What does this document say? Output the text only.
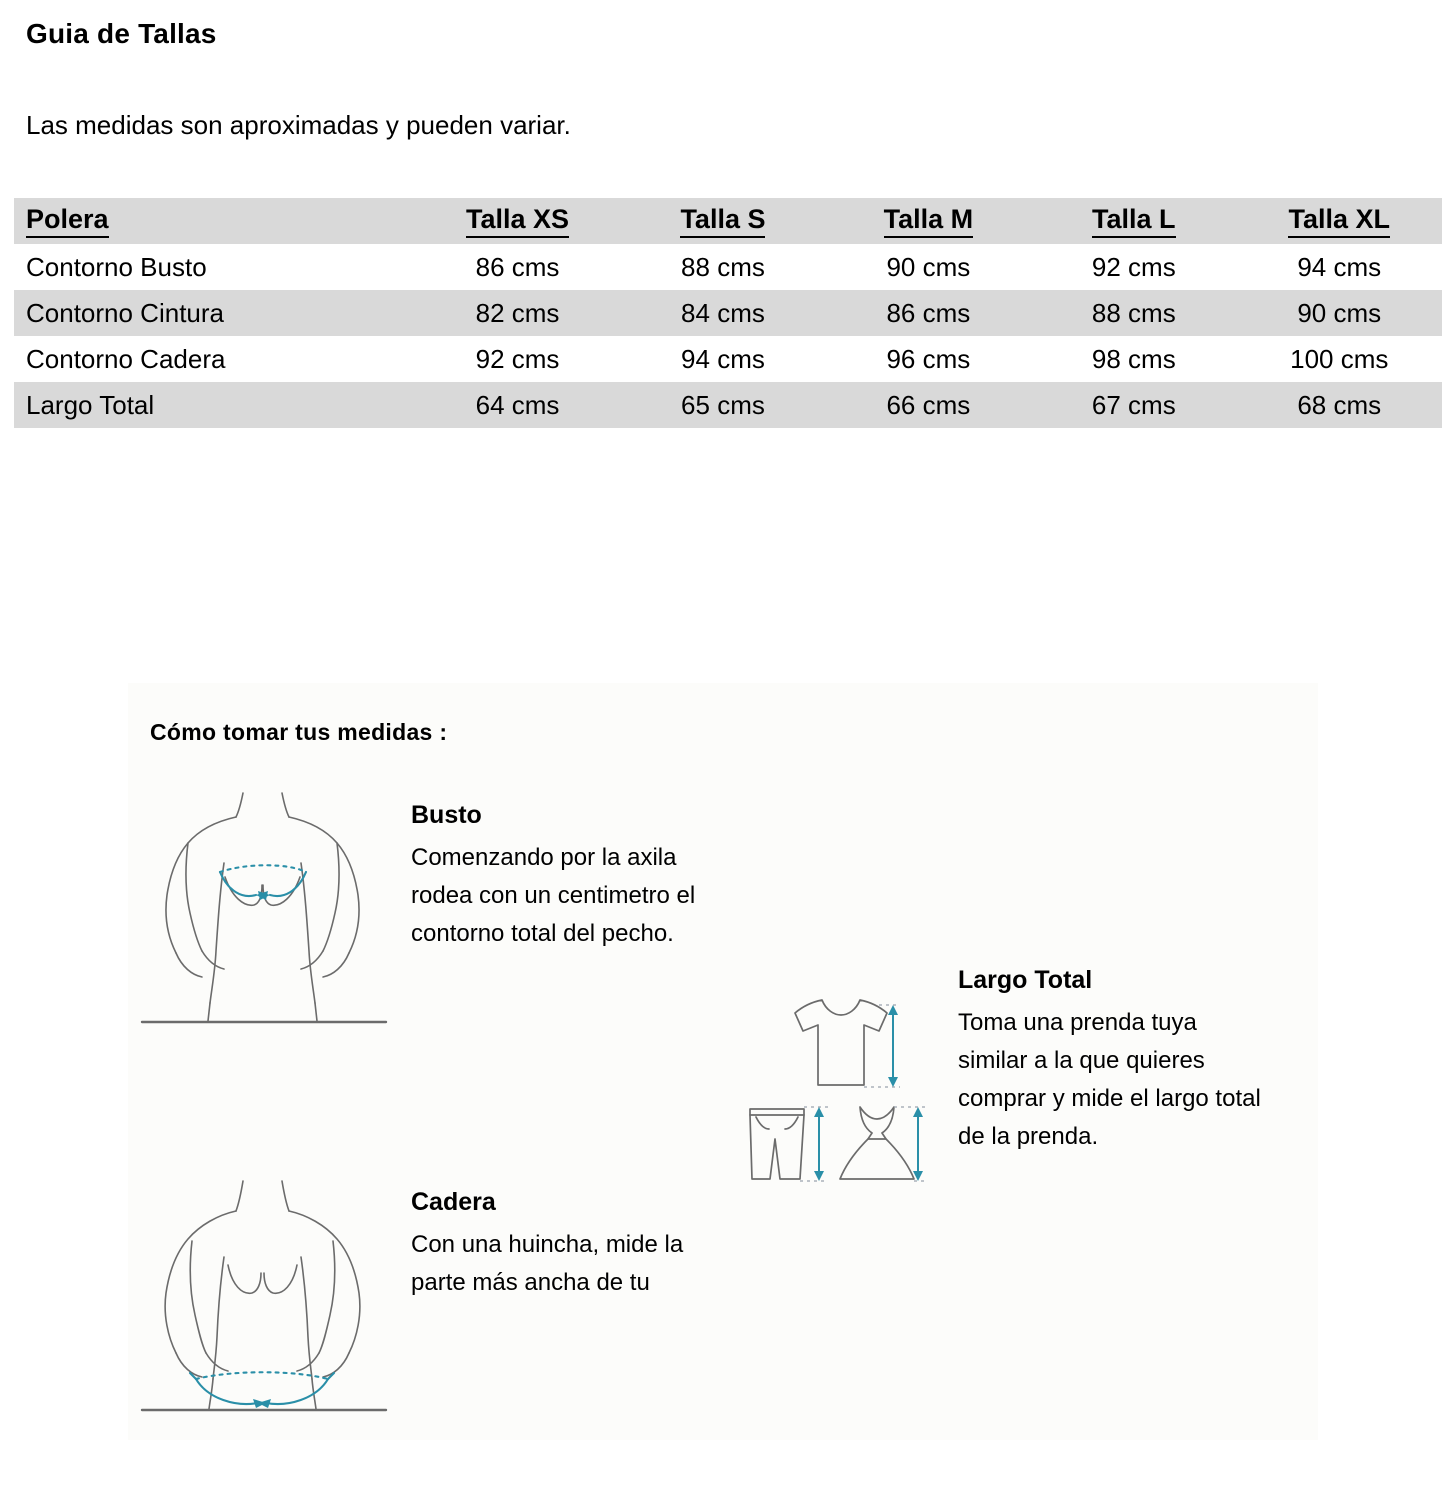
Guia de Tallas
Las medidas son aproximadas y pueden variar.
Polera	Talla XS	Talla S	Talla M	Talla L	Talla XL
Contorno Busto	86 cms	88 cms	90 cms	92 cms	94 cms
Contorno Cintura	82 cms	84 cms	86 cms	88 cms	90 cms
Contorno Cadera	92 cms	94 cms	96 cms	98 cms	100 cms
Largo Total	64 cms	65 cms	66 cms	67 cms	68 cms
Cómo tomar tus medidas :
Busto
Comenzando por la axila
rodea con un centimetro el
contorno total del pecho.
Cadera
Con una huincha, mide la
parte más ancha de tu
Largo Total
Toma una prenda tuya
similar a la que quieres
comprar y mide el largo total
de la prenda.
